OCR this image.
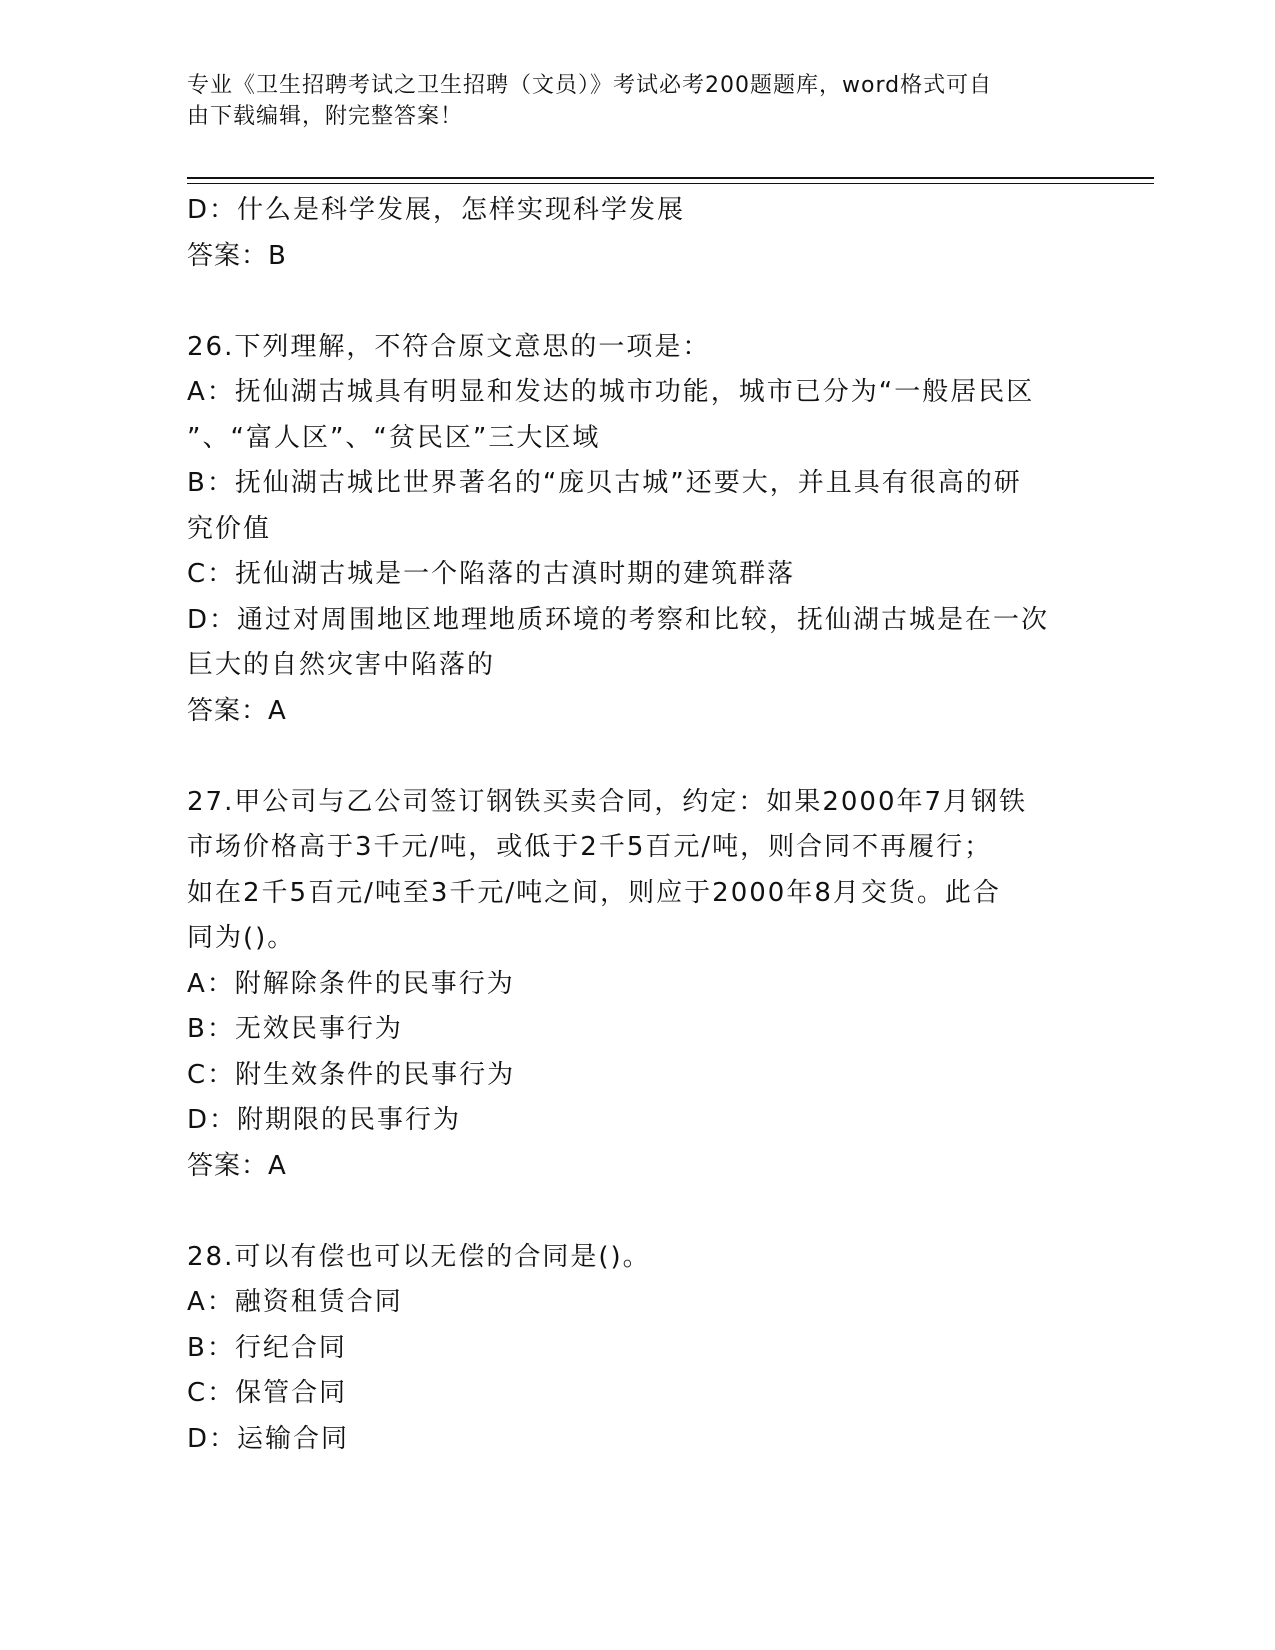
专业《卫生招聘考试之卫生招聘（文员）》考试必考200题题库，word格式可自
由下载编辑，附完整答案！
D：什么是科学发展，怎样实现科学发展
答案：B
26.下列理解，不符合原文意思的一项是：
A：抚仙湖古城具有明显和发达的城市功能，城市已分为“一般居民区
”、“富人区”、“贫民区”三大区域
B：抚仙湖古城比世界著名的“庞贝古城”还要大，并且具有很高的研
究价值
C：抚仙湖古城是一个陷落的古滇时期的建筑群落
D：通过对周围地区地理地质环境的考察和比较，抚仙湖古城是在一次
巨大的自然灾害中陷落的
答案：A
27.甲公司与乙公司签订钢铁买卖合同，约定：如果2000年7月钢铁
市场价格高于3千元/吨，或低于2千5百元/吨，则合同不再履行；
如在2千5百元/吨至3千元/吨之间，则应于2000年8月交货。此合
同为()。
A：附解除条件的民事行为
B：无效民事行为
C：附生效条件的民事行为
D：附期限的民事行为
答案：A
28.可以有偿也可以无偿的合同是()。
A：融资租赁合同
B：行纪合同
C：保管合同
D：运输合同
